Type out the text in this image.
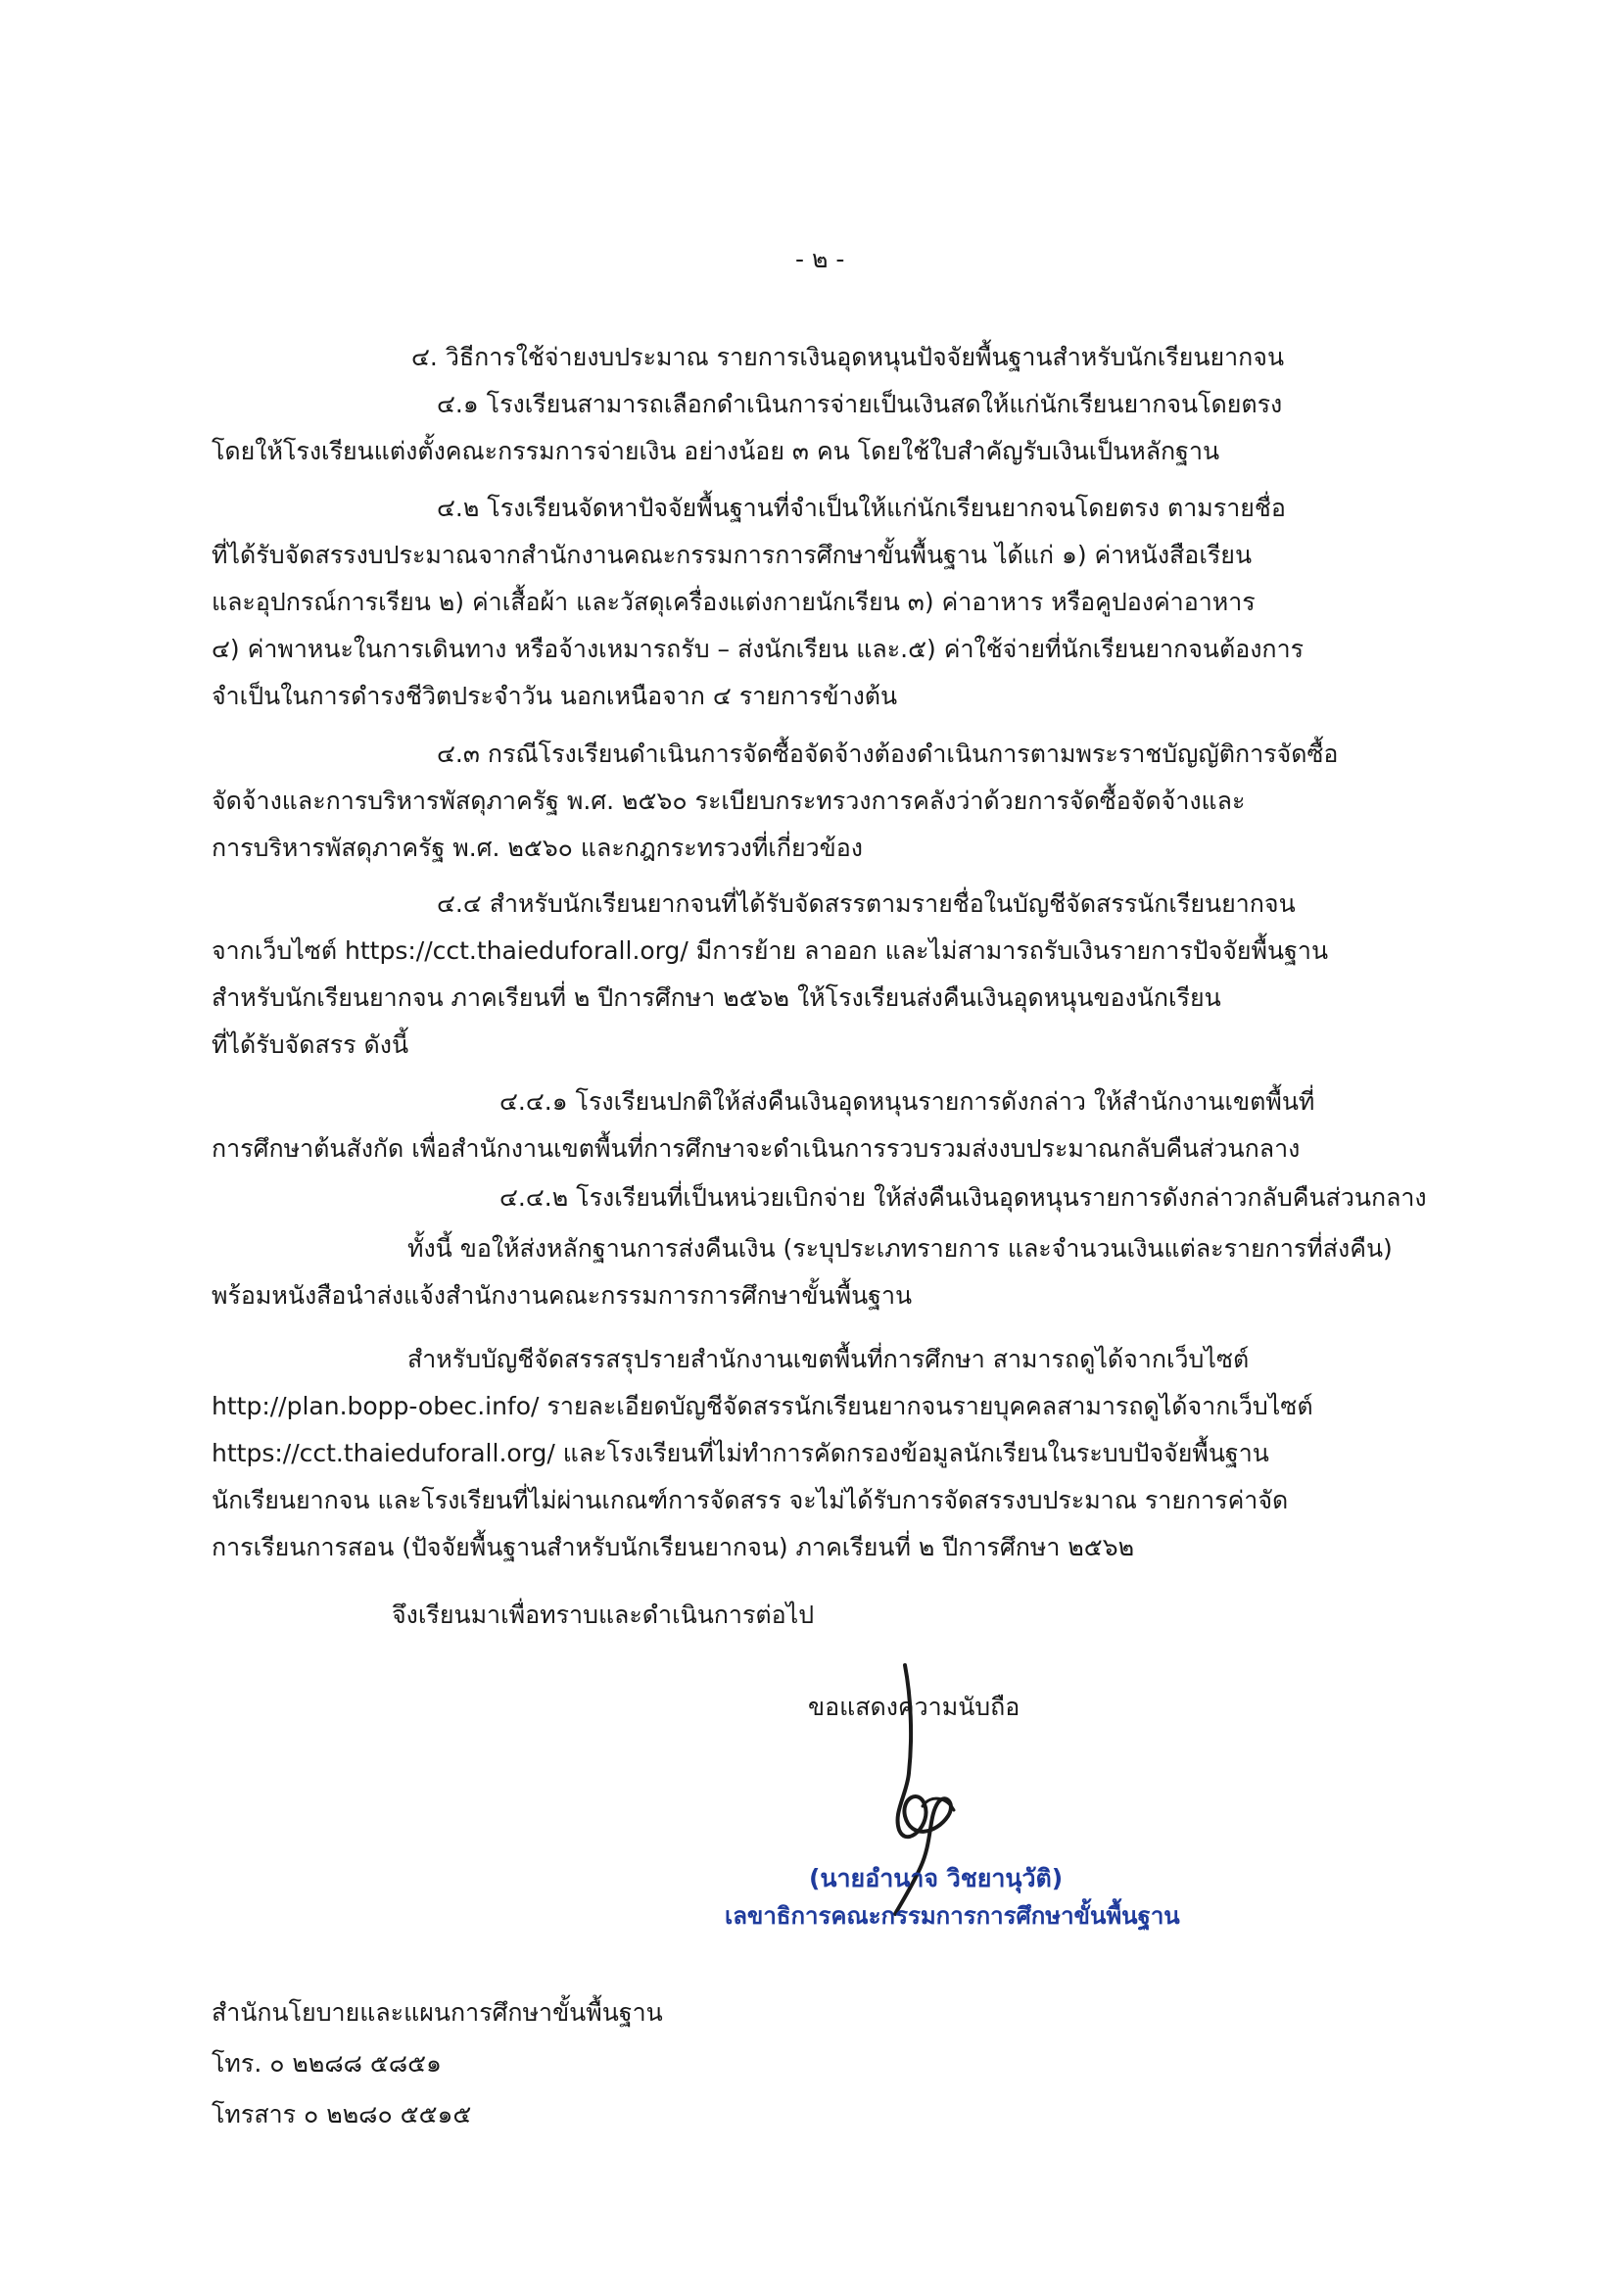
- ๒ -
๔. วิธีการใช้จ่ายงบประมาณ รายการเงินอุดหนุนปัจจัยพื้นฐานสำหรับนักเรียนยากจน
๔.๑ โรงเรียนสามารถเลือกดำเนินการจ่ายเป็นเงินสดให้แก่นักเรียนยากจนโดยตรง
โดยให้โรงเรียนแต่งตั้งคณะกรรมการจ่ายเงิน อย่างน้อย ๓ คน โดยใช้ใบสำคัญรับเงินเป็นหลักฐาน
๔.๒ โรงเรียนจัดหาปัจจัยพื้นฐานที่จำเป็นให้แก่นักเรียนยากจนโดยตรง ตามรายชื่อ
ที่ได้รับจัดสรรงบประมาณจากสำนักงานคณะกรรมการการศึกษาขั้นพื้นฐาน ได้แก่ ๑) ค่าหนังสือเรียน
และอุปกรณ์การเรียน ๒) ค่าเสื้อผ้า และวัสดุเครื่องแต่งกายนักเรียน ๓) ค่าอาหาร หรือคูปองค่าอาหาร
๔) ค่าพาหนะในการเดินทาง หรือจ้างเหมารถรับ – ส่งนักเรียน และ.๕) ค่าใช้จ่ายที่นักเรียนยากจนต้องการ
จำเป็นในการดำรงชีวิตประจำวัน นอกเหนือจาก ๔ รายการข้างต้น
๔.๓ กรณีโรงเรียนดำเนินการจัดซื้อจัดจ้างต้องดำเนินการตามพระราชบัญญัติการจัดซื้อ
จัดจ้างและการบริหารพัสดุภาครัฐ พ.ศ. ๒๕๖๐ ระเบียบกระทรวงการคลังว่าด้วยการจัดซื้อจัดจ้างและ
การบริหารพัสดุภาครัฐ พ.ศ. ๒๕๖๐ และกฎกระทรวงที่เกี่ยวข้อง
๔.๔ สำหรับนักเรียนยากจนที่ได้รับจัดสรรตามรายชื่อในบัญชีจัดสรรนักเรียนยากจน
จากเว็บไซต์ https://cct.thaieduforall.org/ มีการย้าย ลาออก และไม่สามารถรับเงินรายการปัจจัยพื้นฐาน
สำหรับนักเรียนยากจน ภาคเรียนที่ ๒ ปีการศึกษา ๒๕๖๒ ให้โรงเรียนส่งคืนเงินอุดหนุนของนักเรียน
ที่ได้รับจัดสรร ดังนี้
๔.๔.๑ โรงเรียนปกติให้ส่งคืนเงินอุดหนุนรายการดังกล่าว ให้สำนักงานเขตพื้นที่
การศึกษาต้นสังกัด เพื่อสำนักงานเขตพื้นที่การศึกษาจะดำเนินการรวบรวมส่งงบประมาณกลับคืนส่วนกลาง
๔.๔.๒ โรงเรียนที่เป็นหน่วยเบิกจ่าย ให้ส่งคืนเงินอุดหนุนรายการดังกล่าวกลับคืนส่วนกลาง
ทั้งนี้ ขอให้ส่งหลักฐานการส่งคืนเงิน (ระบุประเภทรายการ และจำนวนเงินแต่ละรายการที่ส่งคืน)
พร้อมหนังสือนำส่งแจ้งสำนักงานคณะกรรมการการศึกษาขั้นพื้นฐาน
สำหรับบัญชีจัดสรรสรุปรายสำนักงานเขตพื้นที่การศึกษา สามารถดูได้จากเว็บไซต์
http://plan.bopp-obec.info/ รายละเอียดบัญชีจัดสรรนักเรียนยากจนรายบุคคลสามารถดูได้จากเว็บไซต์
https://cct.thaieduforall.org/ และโรงเรียนที่ไม่ทำการคัดกรองข้อมูลนักเรียนในระบบปัจจัยพื้นฐาน
นักเรียนยากจน และโรงเรียนที่ไม่ผ่านเกณฑ์การจัดสรร จะไม่ได้รับการจัดสรรงบประมาณ รายการค่าจัด
การเรียนการสอน (ปัจจัยพื้นฐานสำหรับนักเรียนยากจน) ภาคเรียนที่ ๒ ปีการศึกษา ๒๕๖๒
จึงเรียนมาเพื่อทราบและดำเนินการต่อไป
ขอแสดงความนับถือ
(นายอำนาจ วิชยานุวัติ)
เลขาธิการคณะกรรมการการศึกษาขั้นพื้นฐาน
สำนักนโยบายและแผนการศึกษาขั้นพื้นฐาน
โทร. ๐ ๒๒๘๘ ๕๘๕๑
โทรสาร ๐ ๒๒๘๐ ๕๕๑๕
